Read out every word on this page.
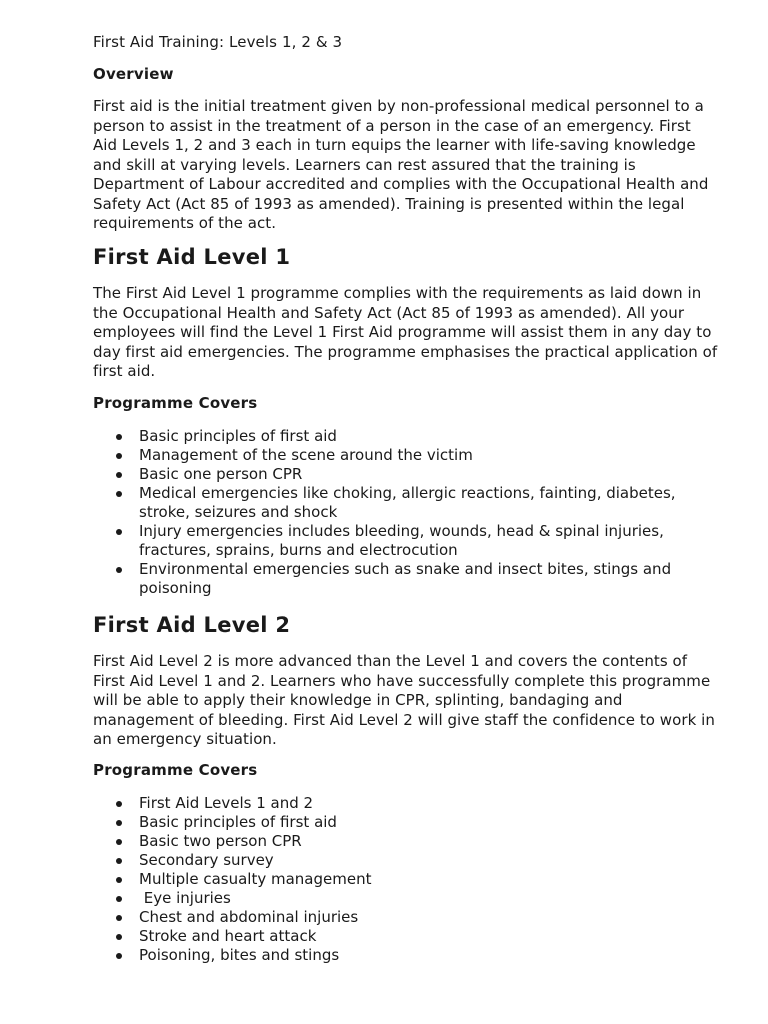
First Aid Training: Levels 1, 2 & 3

Overview

First aid is the initial treatment given by non-professional medical personnel to a person to assist in the treatment of a person in the case of an emergency. First Aid Levels 1, 2 and 3 each in turn equips the learner with life-saving knowledge and skill at varying levels. Learners can rest assured that the training is Department of Labour accredited and complies with the Occupational Health and Safety Act (Act 85 of 1993 as amended). Training is presented within the legal requirements of the act.

First Aid Level 1

The First Aid Level 1 programme complies with the requirements as laid down in the Occupational Health and Safety Act (Act 85 of 1993 as amended). All your employees will find the Level 1 First Aid programme will assist them in any day to day first aid emergencies. The programme emphasises the practical application of first aid.

Programme Covers

Basic principles of first aid
Management of the scene around the victim
Basic one person CPR
Medical emergencies like choking, allergic reactions, fainting, diabetes, stroke, seizures and shock
Injury emergencies includes bleeding, wounds, head & spinal injuries, fractures, sprains, burns and electrocution
Environmental emergencies such as snake and insect bites, stings and poisoning
First Aid Level 2

First Aid Level 2 is more advanced than the Level 1 and covers the contents of First Aid Level 1 and 2. Learners who have successfully complete this programme will be able to apply their knowledge in CPR, splinting, bandaging and management of bleeding. First Aid Level 2 will give staff the confidence to work in an emergency situation.

Programme Covers

First Aid Levels 1 and 2
Basic principles of first aid
Basic two person CPR
Secondary survey
Multiple casualty management
Eye injuries
Chest and abdominal injuries
Stroke and heart attack
Poisoning, bites and stings
